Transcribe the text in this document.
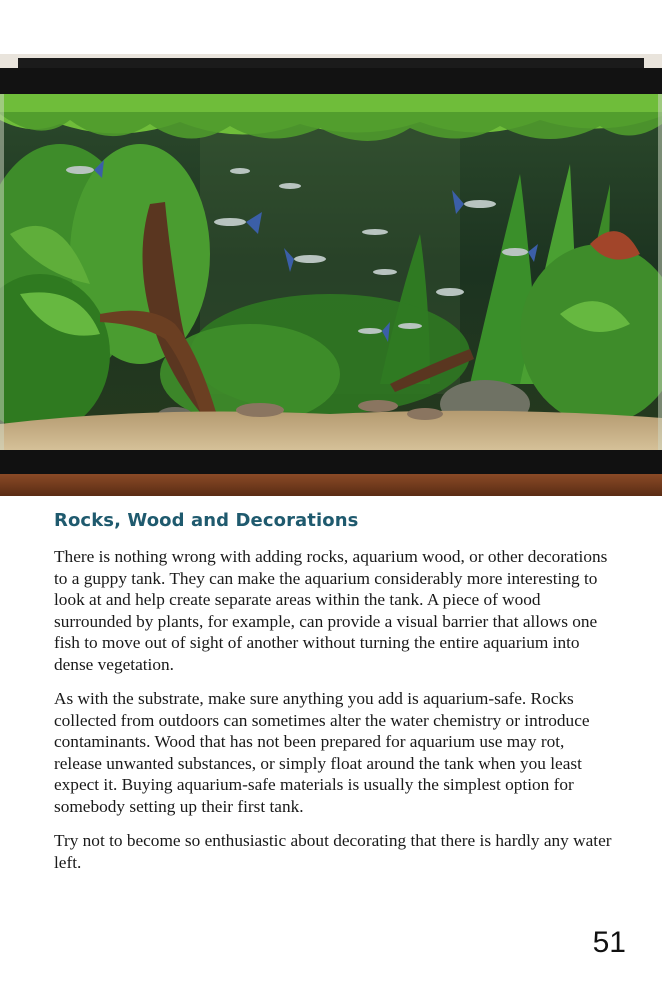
Rocks, Wood and Decorations

There is nothing wrong with adding rocks, aquarium wood, or other decorations to a guppy tank. They can make the aquarium considerably more interesting to look at and help create separate areas within the tank. A piece of wood surrounded by plants, for example, can provide a visual barrier that allows one fish to move out of sight of another without turning the entire aquarium into dense vegetation.

As with the substrate, make sure anything you add is aquarium-safe. Rocks collected from outdoors can sometimes alter the water chemistry or introduce contaminants. Wood that has not been prepared for aquarium use may rot, release unwanted substances, or simply float around the tank when you least expect it. Buying aquarium-safe materials is usually the simplest option for somebody setting up their first tank.

Try not to become so enthusiastic about decorating that there is hardly any water left.

51
